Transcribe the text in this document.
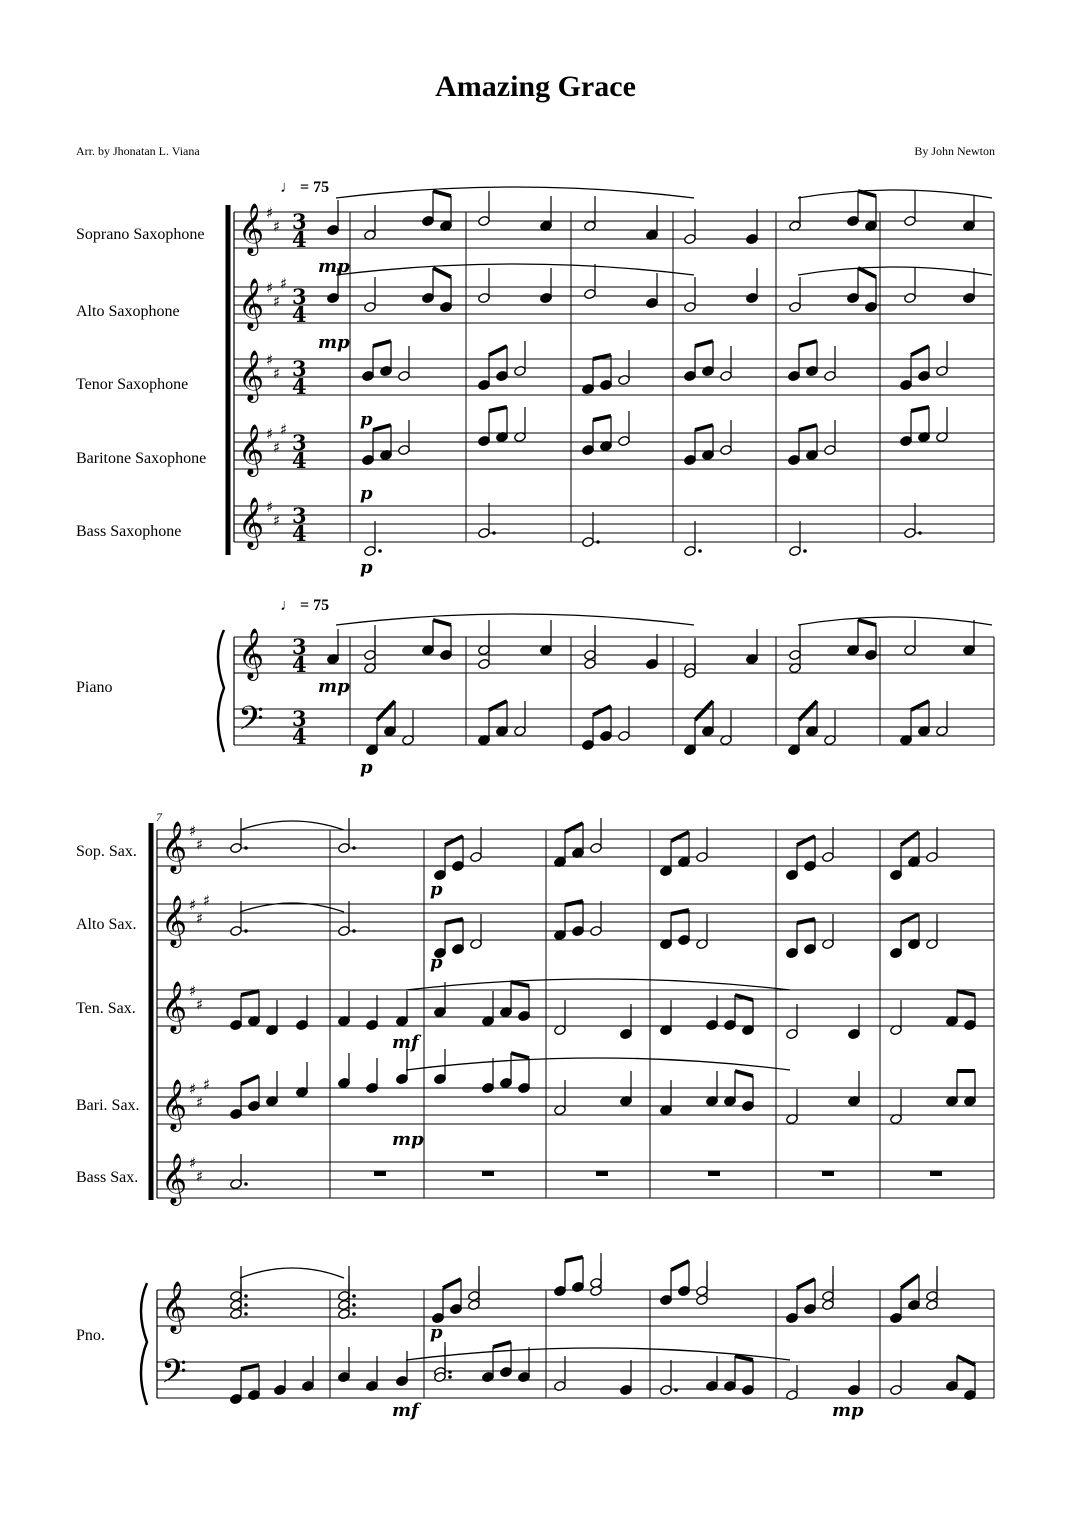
Amazing Grace
Arr. by Jhonatan L. Viana	By John Newton
Soprano Saxophone
Alto Saxophone
Tenor Saxophone
Baritone Saxophone
Bass Saxophone
Piano
Sop. Sax.
Alto Sax.
Ten. Sax.
Bari. Sax.
Bass Sax.
Pno.
7
♩ = 75
♩ = 75
𝄞 ♯
♯ 3
4
𝄞 ♯
♯
♯
3
4
𝄞 ♯
♯ 3
4
𝄞 ♯
♯
♯
3
4
𝄞 ♯
♯ 3
4
𝄞 3
4
𝄢 3
4
mp
mp
p
p
p
mp
p
𝄞 ♯
♯
𝄞 ♯
♯
♯
𝄞 ♯
♯
𝄞 ♯
♯
♯
𝄞 ♯
♯
𝄞
𝄢
p
p
mf
mp
p
mf	mp
